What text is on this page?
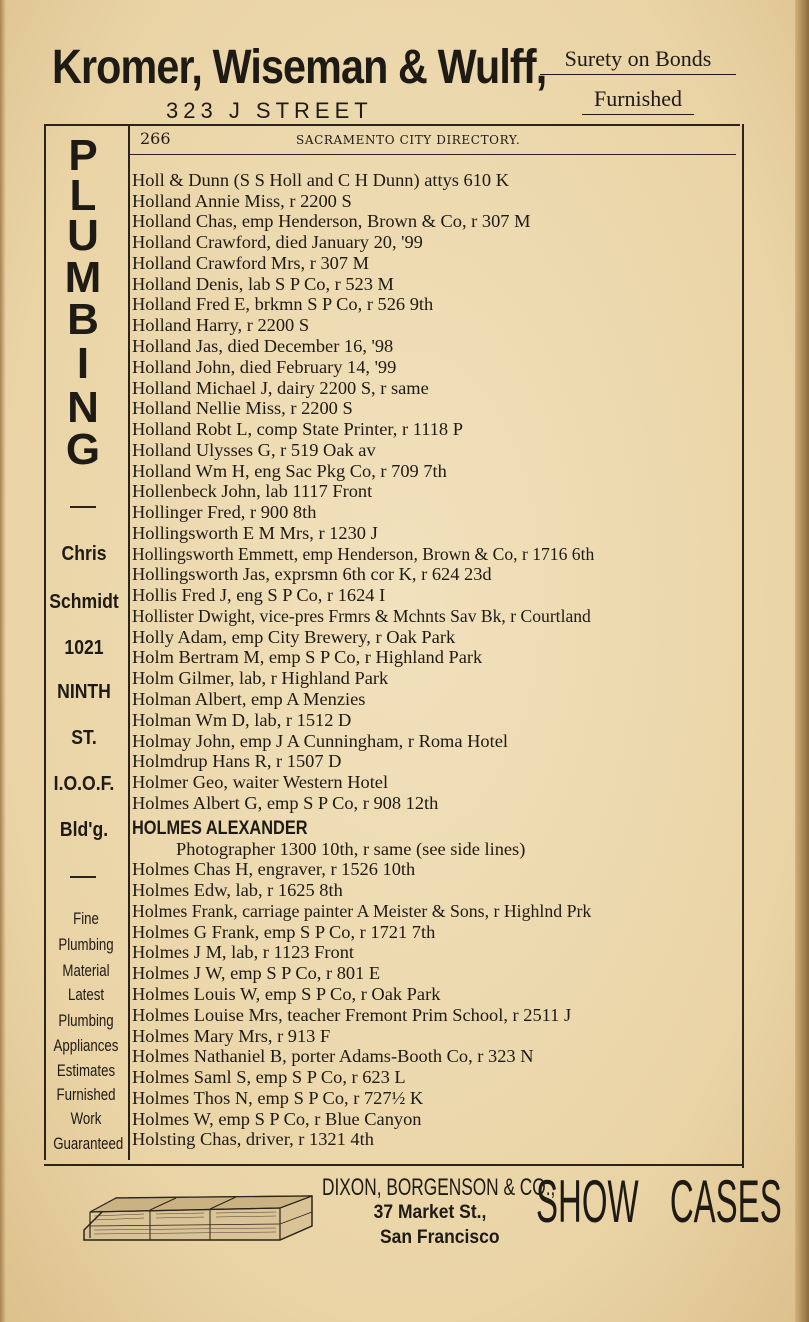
Kromer, Wiseman & Wulff,
323 J STREET
Surety on Bonds
Furnished
P
L
U
M
B
I
N
G
Chris
Schmidt
1021
NINTH
ST.
I.O.O.F.
Bld'g.
Fine
Plumbing
Material
Latest
Plumbing
Appliances
Estimates
Furnished
Work
Guaranteed
266	SACRAMENTO CITY DIRECTORY.
Holl & Dunn (S S Holl and C H Dunn) attys 610 K
Holland Annie Miss, r 2200 S
Holland Chas, emp Henderson, Brown & Co, r 307 M
Holland Crawford, died January 20, '99
Holland Crawford Mrs, r 307 M
Holland Denis, lab S P Co, r 523 M
Holland Fred E, brkmn S P Co, r 526 9th
Holland Harry, r 2200 S
Holland Jas, died December 16, '98
Holland John, died February 14, '99
Holland Michael J, dairy 2200 S, r same
Holland Nellie Miss, r 2200 S
Holland Robt L, comp State Printer, r 1118 P
Holland Ulysses G, r 519 Oak av
Holland Wm H, eng Sac Pkg Co, r 709 7th
Hollenbeck John, lab 1117 Front
Hollinger Fred, r 900 8th
Hollingsworth E M Mrs, r 1230 J
Hollingsworth Emmett, emp Henderson, Brown & Co, r 1716 6th
Hollingsworth Jas, exprsmn 6th cor K, r 624 23d
Hollis Fred J, eng S P Co, r 1624 I
Hollister Dwight, vice-pres Frmrs & Mchnts Sav Bk, r Courtland
Holly Adam, emp City Brewery, r Oak Park
Holm Bertram M, emp S P Co, r Highland Park
Holm Gilmer, lab, r Highland Park
Holman Albert, emp A Menzies
Holman Wm D, lab, r 1512 D
Holmay John, emp J A Cunningham, r Roma Hotel
Holmdrup Hans R, r 1507 D
Holmer Geo, waiter Western Hotel
Holmes Albert G, emp S P Co, r 908 12th
HOLMES ALEXANDER
Photographer 1300 10th, r same (see side lines)
Holmes Chas H, engraver, r 1526 10th
Holmes Edw, lab, r 1625 8th
Holmes Frank, carriage painter A Meister & Sons, r Highlnd Prk
Holmes G Frank, emp S P Co, r 1721 7th
Holmes J M, lab, r 1123 Front
Holmes J W, emp S P Co, r 801 E
Holmes Louis W, emp S P Co, r Oak Park
Holmes Louise Mrs, teacher Fremont Prim School, r 2511 J
Holmes Mary Mrs, r 913 F
Holmes Nathaniel B, porter Adams-Booth Co, r 323 N
Holmes Saml S, emp S P Co, r 623 L
Holmes Thos N, emp S P Co, r 727½ K
Holmes W, emp S P Co, r Blue Canyon
Holsting Chas, driver, r 1321 4th
DIXON, BORGENSON & CO.,
37 Market St.,
San Francisco
SHOW CASES
